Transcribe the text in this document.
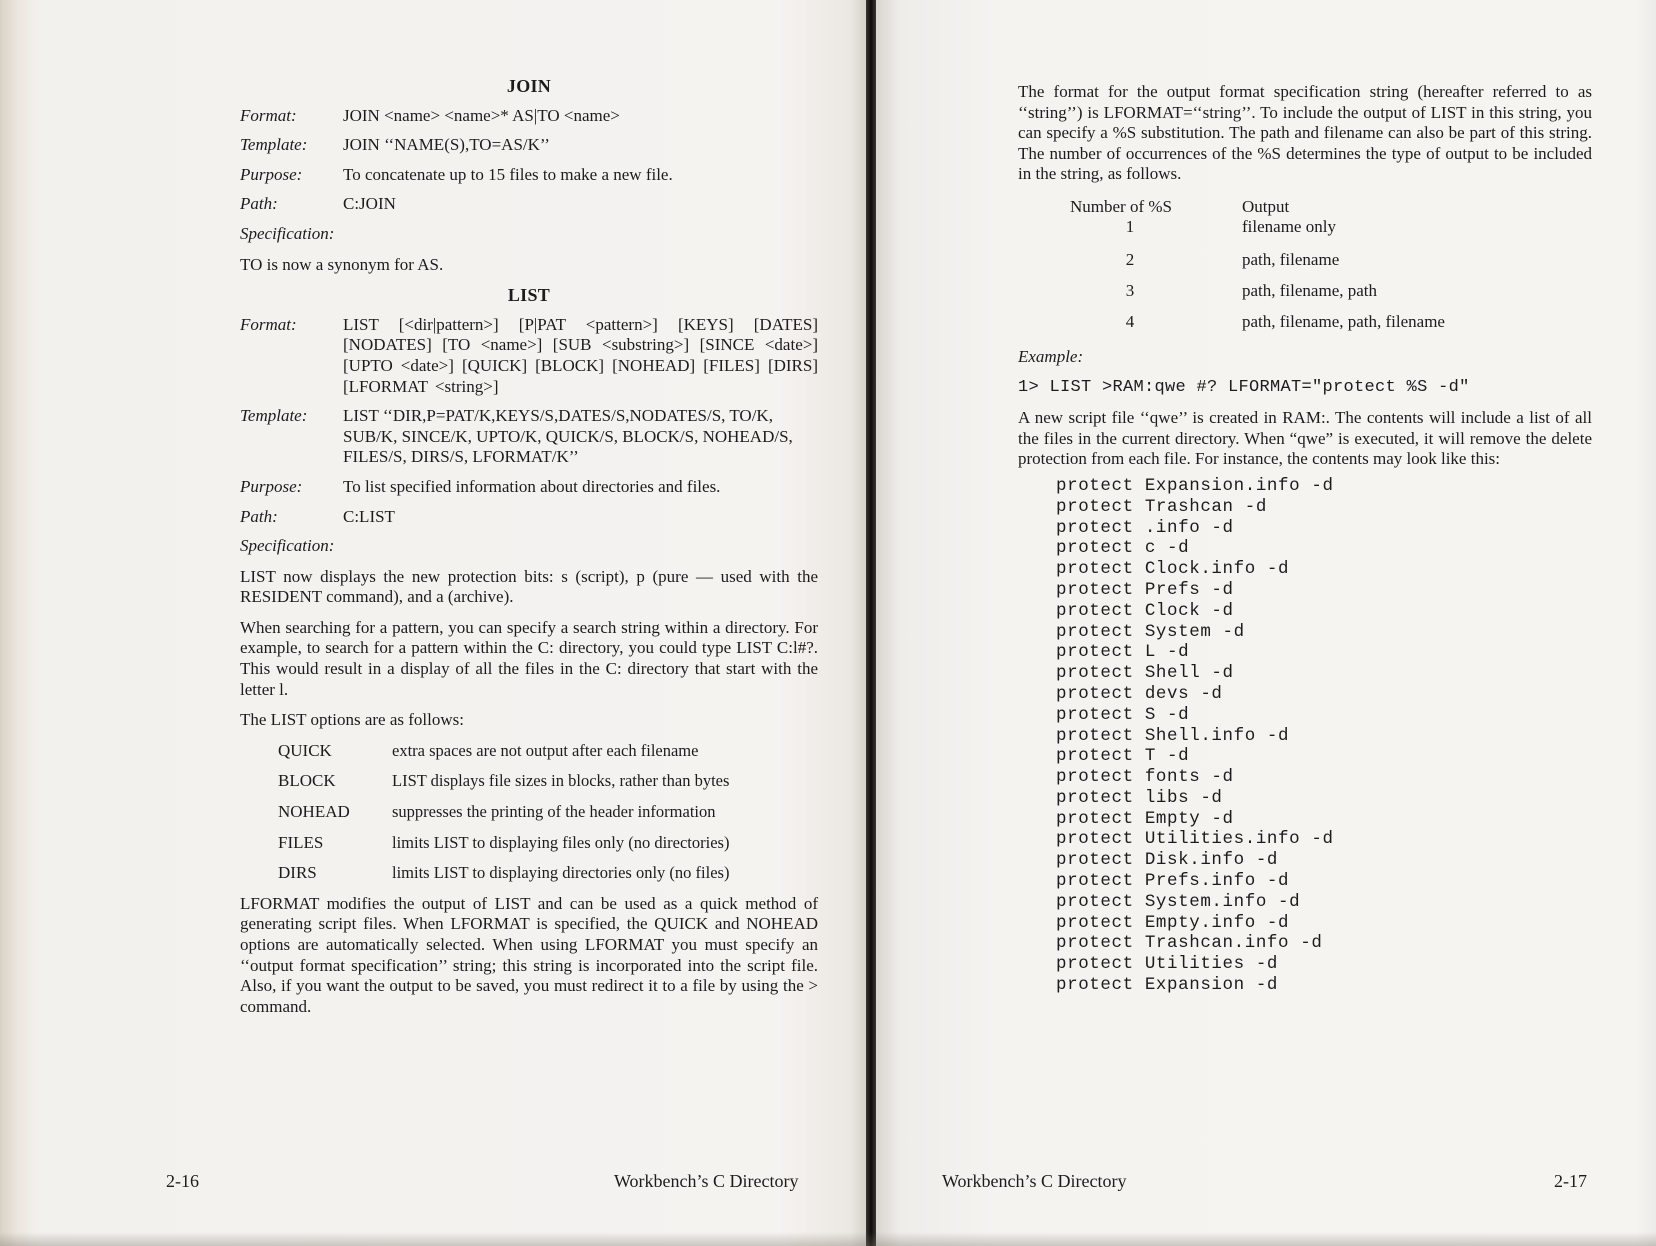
JOIN

Format:	JOIN <name> <name>* AS|TO <name>
Template:	JOIN ‘‘NAME(S),TO=AS/K’’
Purpose:	To concatenate up to 15 files to make a new file.
Path:	C:JOIN

Specification:

TO is now a synonym for AS.

LIST

Format:	LIST [<dir|pattern>] [P|PAT <pattern>] [KEYS] [DATES] [NODATES] [TO <name>] [SUB <substring>] [SINCE <date>] [UPTO <date>] [QUICK] [BLOCK] [NOHEAD] [FILES] [DIRS] [LFORMAT <string>]
Template:	LIST ‘‘DIR,P=PAT/K,KEYS/S,DATES/S,NODATES/S, TO/K, SUB/K, SINCE/K, UPTO/K, QUICK/S, BLOCK/S, NOHEAD/S, FILES/S, DIRS/S, LFORMAT/K’’
Purpose:	To list specified information about directories and files.
Path:	C:LIST

Specification:

LIST now displays the new protection bits: s (script), p (pure — used with the RESIDENT command), and a (archive).

When searching for a pattern, you can specify a search string within a directory. For example, to search for a pattern within the C: directory, you could type LIST C:l#?. This would result in a display of all the files in the C: directory that start with the letter l.

The LIST options are as follows:

QUICK	extra spaces are not output after each filename
BLOCK	LIST displays file sizes in blocks, rather than bytes
NOHEAD	suppresses the printing of the header information
FILES	limits LIST to displaying files only (no directories)
DIRS	limits LIST to displaying directories only (no files)

LFORMAT modifies the output of LIST and can be used as a quick method of generating script files. When LFORMAT is specified, the QUICK and NOHEAD options are automatically selected. When using LFORMAT you must specify an ‘‘output format specification’’ string; this string is incorporated into the script file. Also, if you want the output to be saved, you must redirect it to a file by using the > command.

2-16	Workbench’s C Directory	Workbench’s C Directory	2-17

The format for the output format specification string (hereafter referred to as ‘‘string’’) is LFORMAT=‘‘string’’. To include the output of LIST in this string, you can specify a %S substitution. The path and filename can also be part of this string. The number of occurrences of the %S determines the type of output to be included in the string, as follows.

Number of %S	Output
1	filename only
2	path, filename
3	path, filename, path
4	path, filename, path, filename

Example:

1> LIST >RAM:qwe #? LFORMAT="protect %S -d"

A new script file ‘‘qwe’’ is created in RAM:. The contents will include a list of all the files in the current directory. When “qwe” is executed, it will remove the delete protection from each file. For instance, the contents may look like this:

protect Expansion.info -d
protect Trashcan -d
protect .info -d
protect c -d
protect Clock.info -d
protect Prefs -d
protect Clock -d
protect System -d
protect L -d
protect Shell -d
protect devs -d
protect S -d
protect Shell.info -d
protect T -d
protect fonts -d
protect libs -d
protect Empty -d
protect Utilities.info -d
protect Disk.info -d
protect Prefs.info -d
protect System.info -d
protect Empty.info -d
protect Trashcan.info -d
protect Utilities -d
protect Expansion -d
